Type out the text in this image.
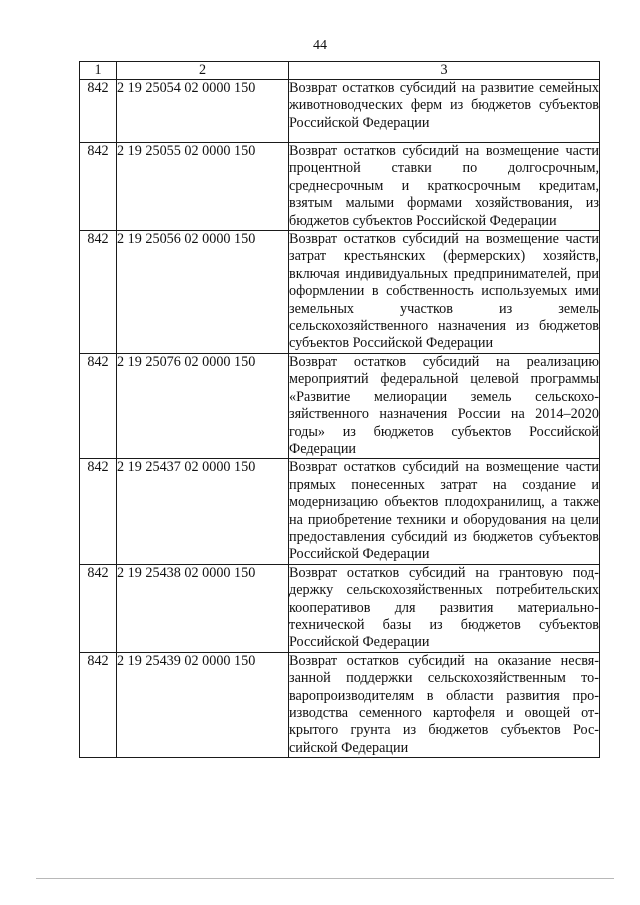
44
1	2	3
842	2 19 25054 02 0000 150	Возврат остатков субсидий на развитие семейных животноводческих ферм из бюджетов субъектов Российской Федерации
842	2 19 25055 02 0000 150	Возврат остатков субсидий на возмещение части процентной ставки по долгосрочным, среднесрочным и краткосрочным кредитам, взятым малыми формами хозяйствования, из бюджетов субъектов Российской Федерации
842	2 19 25056 02 0000 150	Возврат остатков субсидий на возмещение части затрат крестьянских (фермерских) хозяйств, включая индивидуальных предпринимателей, при оформлении в собственность используемых ими земельных участков из земель сельскохозяйственного назначения из бюджетов субъектов Российской Федерации
842	2 19 25076 02 0000 150	Возврат остатков субсидий на реализацию мероприятий федеральной целевой программы «Развитие мелиорации земель сельскохозяйственного назначения России на 2014–2020 годы» из бюджетов субъектов Российской Федерации
842	2 19 25437 02 0000 150	Возврат остатков субсидий на возмещение части прямых понесенных затрат на создание и модернизацию объектов плодохранилищ, а также на приобретение техники и оборудования на цели предоставления субсидий из бюджетов субъектов Российской Федерации
842	2 19 25438 02 0000 150	Возврат остатков субсидий на грантовую поддержку сельскохозяйственных потребительских кооперативов для развития материально-технической базы из бюджетов субъектов Российской Федерации
842	2 19 25439 02 0000 150	Возврат остатков субсидий на оказание несвязанной поддержки сельскохозяйственным товаропроизводителям в области развития производства семенного картофеля и овощей открытого грунта из бюджетов субъектов Российской Федерации
